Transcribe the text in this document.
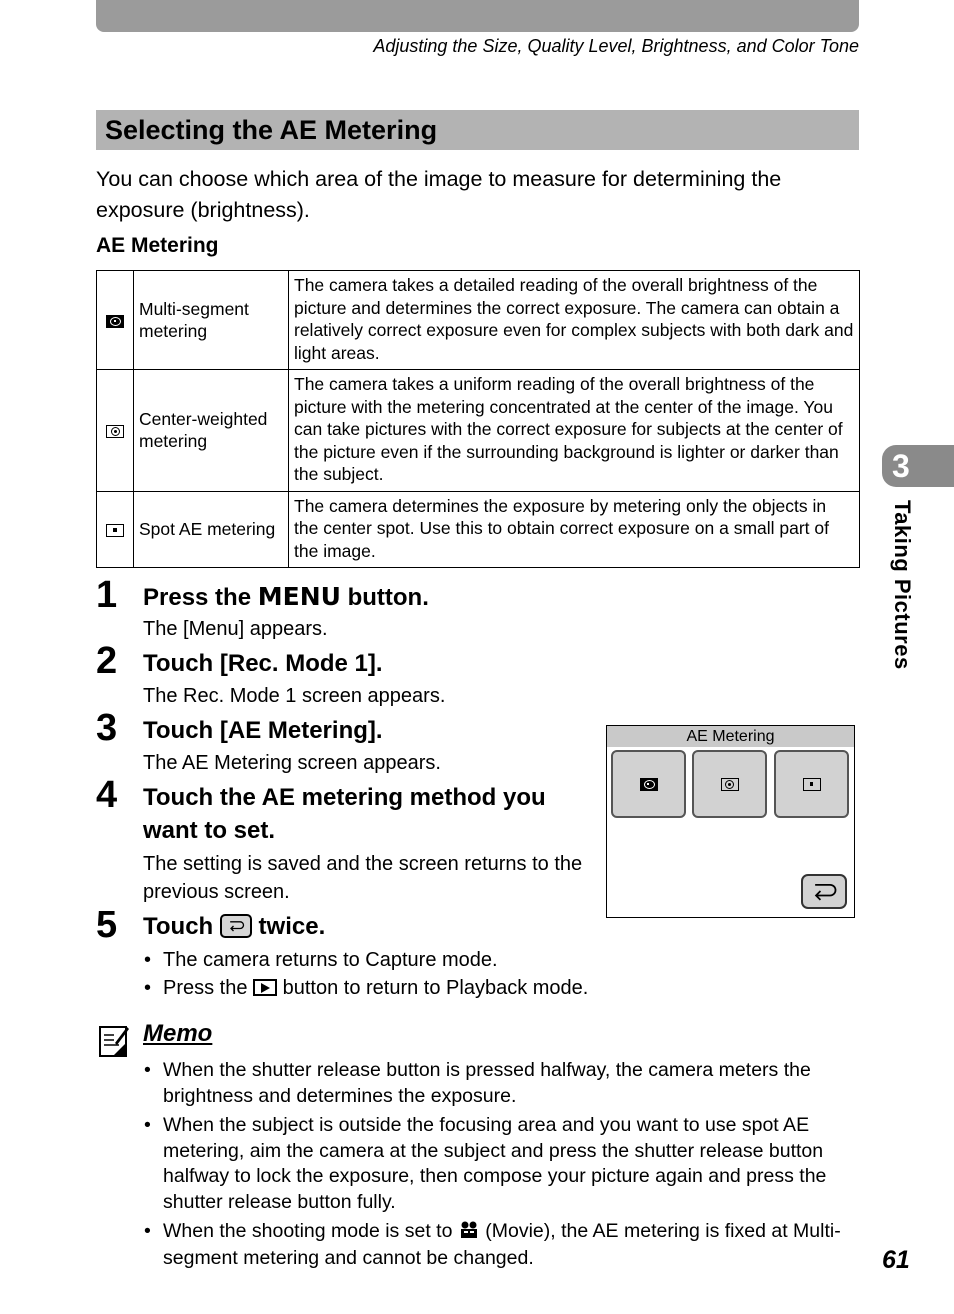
Adjusting the Size, Quality Level, Brightness, and Color Tone
Selecting the AE Metering
You can choose which area of the image to measure for determining the exposure (brightness).
AE Metering
	Multi-segment metering	The camera takes a detailed reading of the overall brightness of the picture and determines the correct exposure. The camera can obtain a relatively correct exposure even for complex subjects with both dark and light areas.
	Center-weighted metering	The camera takes a uniform reading of the overall brightness of the picture with the metering concentrated at the center of the image. You can take pictures with the correct exposure for subjects at the center of the picture even if the surrounding background is lighter or darker than the subject.
	Spot AE metering	The camera determines the exposure by metering only the objects in the center spot. Use this to obtain correct exposure on a small part of the image.
1 Press the MENU button.
The [Menu] appears.
2 Touch [Rec. Mode 1].
The Rec. Mode 1 screen appears.
3 Touch [AE Metering].
The AE Metering screen appears.
4 Touch the AE metering method you want to set.
The setting is saved and the screen returns to the previous screen.
5 Touch
twice.
• The camera returns to Capture mode.
• Press the  button to return to Playback mode.
AE Metering
Memo
• When the shutter release button is pressed halfway, the camera meters the brightness and determines the exposure.
• When the subject is outside the focusing area and you want to use spot AE metering, aim the camera at the subject and press the shutter release button halfway to lock the exposure, then compose your picture again and press the shutter release button fully.
• When the shooting mode is set to  (Movie), the AE metering is fixed at Multi-segment metering and cannot be changed.
3
Taking Pictures
61
